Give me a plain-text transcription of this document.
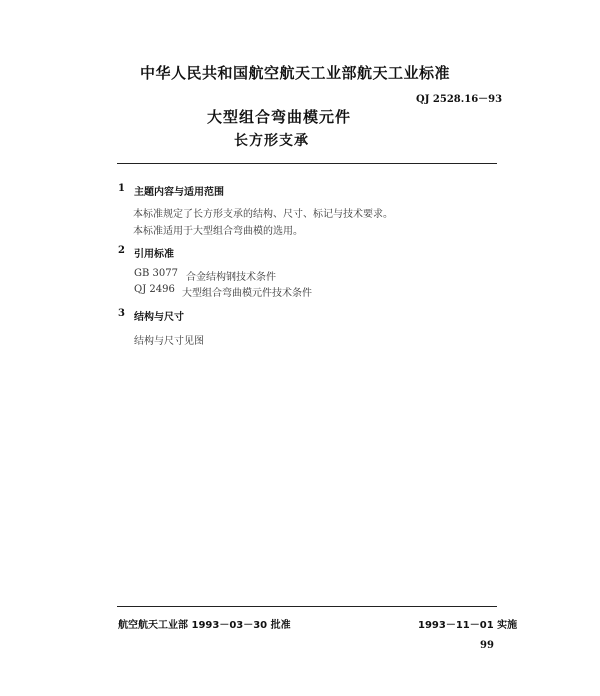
中华人民共和国航空航天工业部航天工业标准
QJ 2528.16－93
大型组合弯曲模元件
长方形支承
1 主题内容与适用范围
本标准规定了长方形支承的结构、尺寸、标记与技术要求。
本标准适用于大型组合弯曲模的选用。
2 引用标准
GB 3077 合金结构钢技术条件
QJ 2496 大型组合弯曲模元件技术条件
3 结构与尺寸
结构与尺寸见图
航空航天工业部 1993－03－30 批准	1993－11－01 实施
99
